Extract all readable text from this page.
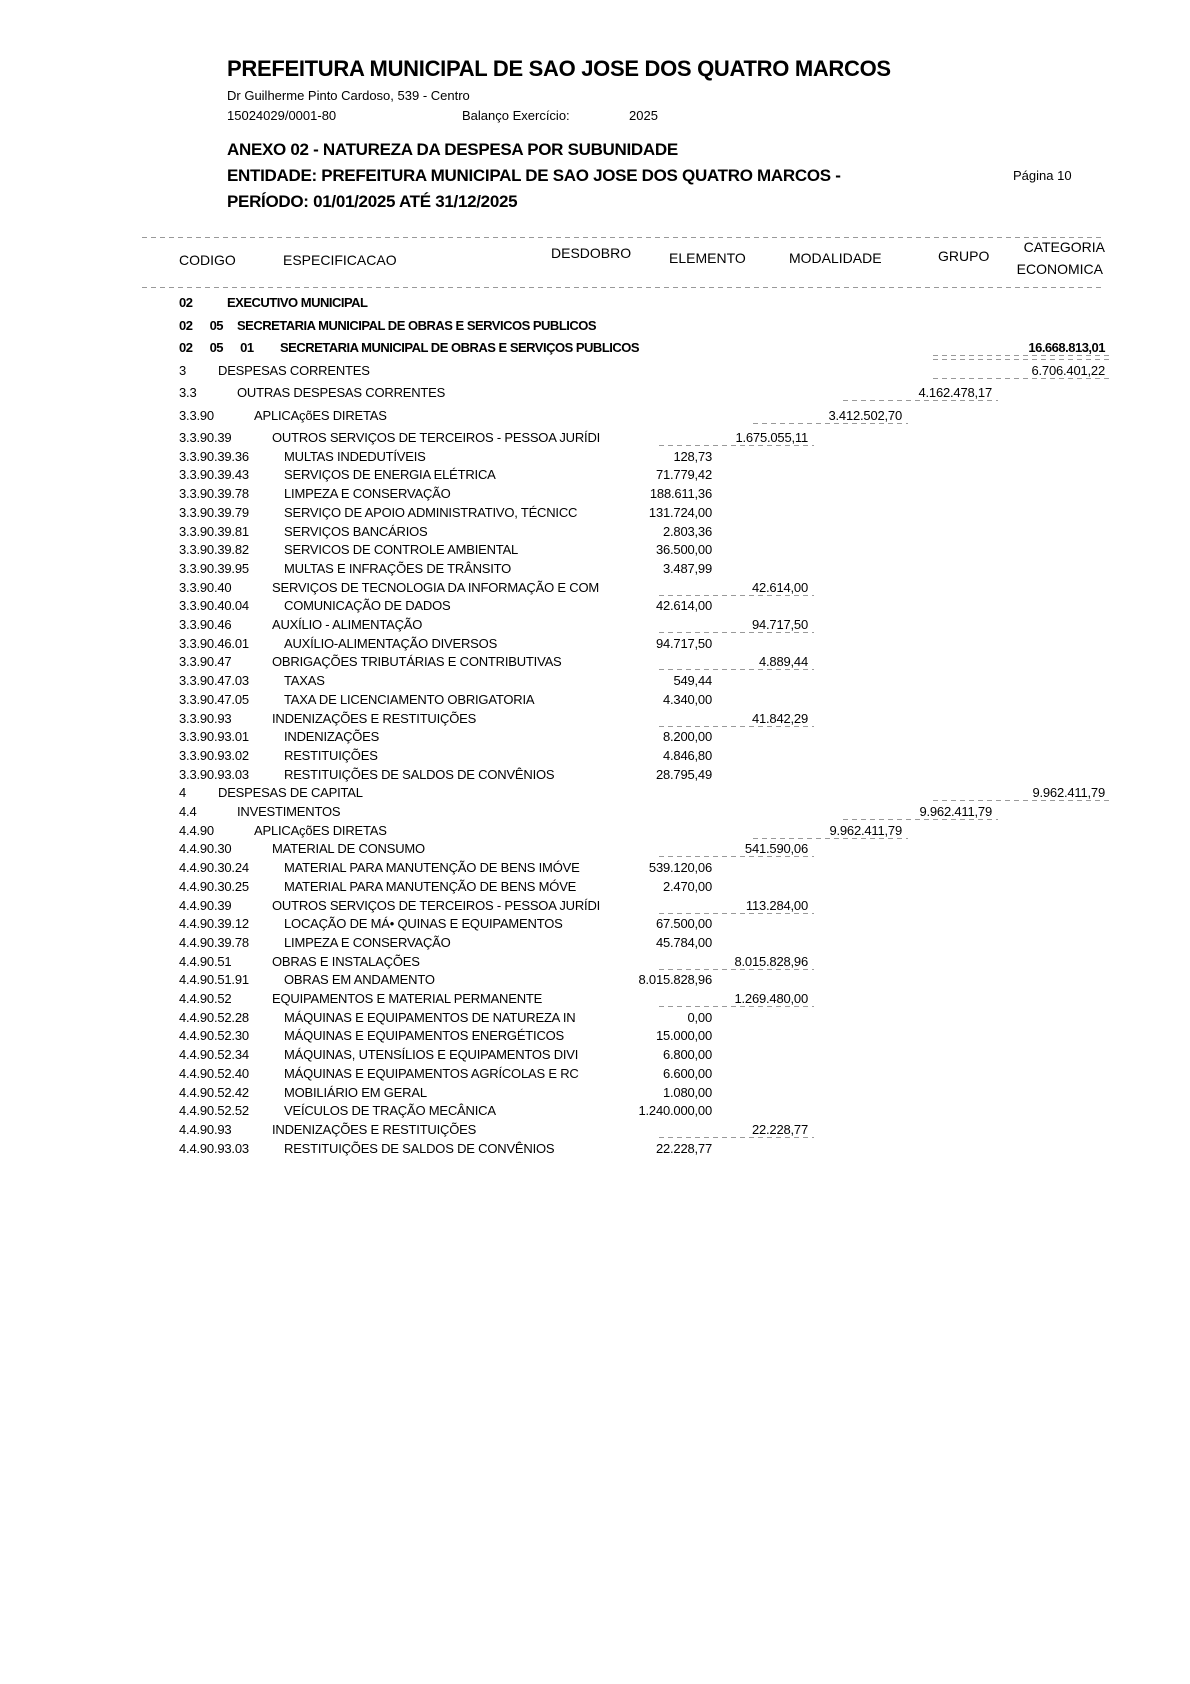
PREFEITURA MUNICIPAL DE SAO JOSE DOS QUATRO MARCOS
Dr Guilherme Pinto Cardoso, 539 - Centro
15024029/0001-80	Balanço Exercício:	2025
ANEXO 02 - NATUREZA DA DESPESA POR SUBUNIDADE
ENTIDADE: PREFEITURA MUNICIPAL DE SAO JOSE DOS QUATRO MARCOS -	Página 10
PERÍODO: 01/01/2025 ATÉ 31/12/2025
CODIGO	ESPECIFICACAO	DESDOBRO	ELEMENTO	MODALIDADE	GRUPO
CATEGORIA
ECONOMICA
02	EXECUTIVO MUNICIPAL
02 05 SECRETARIA MUNICIPAL DE OBRAS E SERVICOS PUBLICOS
02 05 01 SECRETARIA MUNICIPAL DE OBRAS E SERVIÇOS PUBLICOS	16.668.813,01
3 DESPESAS CORRENTES	6.706.401,22
3.3	OUTRAS DESPESAS CORRENTES	4.162.478,17
3.3.90	APLICAçõES DIRETAS	3.412.502,70
3.3.90.39	OUTROS SERVIÇOS DE TERCEIROS - PESSOA JURÍDI	1.675.055,11
3.3.90.39.36	MULTAS INDEDUTÍVEIS	128,73
3.3.90.39.43	SERVIÇOS DE ENERGIA ELÉTRICA	71.779,42
3.3.90.39.78	LIMPEZA E CONSERVAÇÃO	188.611,36
3.3.90.39.79	SERVIÇO DE APOIO ADMINISTRATIVO, TÉCNICC	131.724,00
3.3.90.39.81	SERVIÇOS BANCÁRIOS	2.803,36
3.3.90.39.82	SERVICOS DE CONTROLE AMBIENTAL	36.500,00
3.3.90.39.95	MULTAS E INFRAÇÕES DE TRÂNSITO	3.487,99
3.3.90.40	SERVIÇOS DE TECNOLOGIA DA INFORMAÇÃO E COM	42.614,00
3.3.90.40.04	COMUNICAÇÃO DE DADOS	42.614,00
3.3.90.46	AUXÍLIO - ALIMENTAÇÃO	94.717,50
3.3.90.46.01	AUXÍLIO-ALIMENTAÇÃO DIVERSOS	94.717,50
3.3.90.47	OBRIGAÇÕES TRIBUTÁRIAS E CONTRIBUTIVAS	4.889,44
3.3.90.47.03	TAXAS	549,44
3.3.90.47.05	TAXA DE LICENCIAMENTO OBRIGATORIA	4.340,00
3.3.90.93	INDENIZAÇÕES E RESTITUIÇÕES	41.842,29
3.3.90.93.01	INDENIZAÇÕES	8.200,00
3.3.90.93.02	RESTITUIÇÕES	4.846,80
3.3.90.93.03	RESTITUIÇÕES DE SALDOS DE CONVÊNIOS	28.795,49
4 DESPESAS DE CAPITAL	9.962.411,79
4.4	INVESTIMENTOS	9.962.411,79
4.4.90	APLICAçõES DIRETAS	9.962.411,79
4.4.90.30	MATERIAL DE CONSUMO	541.590,06
4.4.90.30.24	MATERIAL PARA MANUTENÇÃO DE BENS IMÓVE	539.120,06
4.4.90.30.25	MATERIAL PARA MANUTENÇÃO DE BENS MÓVE	2.470,00
4.4.90.39	OUTROS SERVIÇOS DE TERCEIROS - PESSOA JURÍDI	113.284,00
4.4.90.39.12	LOCAÇÃO DE MÁ• QUINAS E EQUIPAMENTOS	67.500,00
4.4.90.39.78	LIMPEZA E CONSERVAÇÃO	45.784,00
4.4.90.51	OBRAS E INSTALAÇÕES	8.015.828,96
4.4.90.51.91	OBRAS EM ANDAMENTO	8.015.828,96
4.4.90.52	EQUIPAMENTOS E MATERIAL PERMANENTE	1.269.480,00
4.4.90.52.28	MÁQUINAS E EQUIPAMENTOS DE NATUREZA IN	0,00
4.4.90.52.30	MÁQUINAS E EQUIPAMENTOS ENERGÉTICOS	15.000,00
4.4.90.52.34	MÁQUINAS, UTENSÍLIOS E EQUIPAMENTOS DIVI	6.800,00
4.4.90.52.40	MÁQUINAS E EQUIPAMENTOS AGRÍCOLAS E RC	6.600,00
4.4.90.52.42	MOBILIÁRIO EM GERAL	1.080,00
4.4.90.52.52	VEÍCULOS DE TRAÇÃO MECÂNICA	1.240.000,00
4.4.90.93	INDENIZAÇÕES E RESTITUIÇÕES	22.228,77
4.4.90.93.03	RESTITUIÇÕES DE SALDOS DE CONVÊNIOS	22.228,77
